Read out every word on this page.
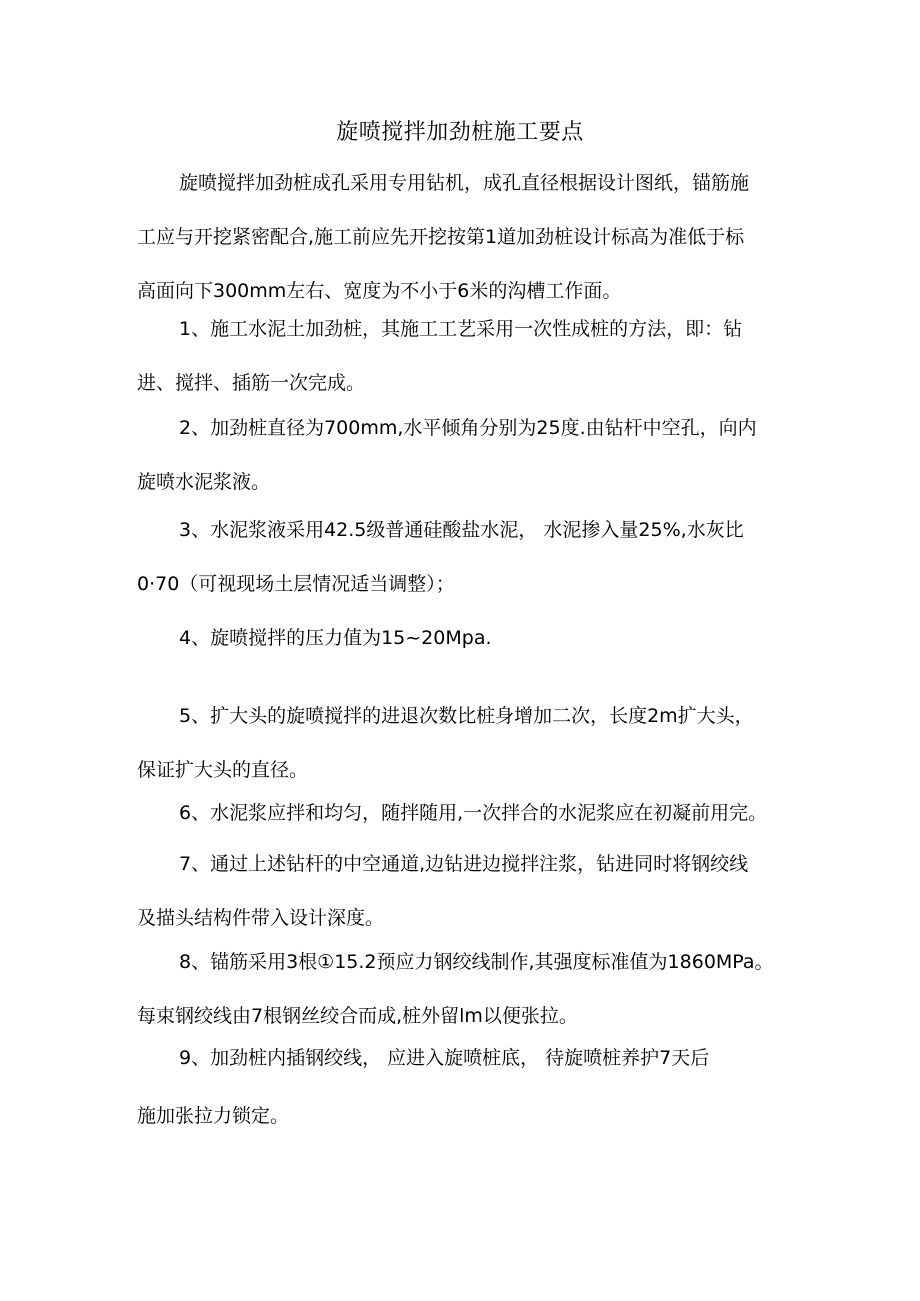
旋喷搅拌加劲桩施工要点
旋喷搅拌加劲桩成孔采用专用钻机，成孔直径根据设计图纸，锚筋施
工应与开挖紧密配合,施工前应先开挖按第1道加劲桩设计标高为准低于标
高面向下300mm左右、宽度为不小于6米的沟槽工作面。
1、施工水泥土加劲桩，其施工工艺采用一次性成桩的方法，即：钻
进、搅拌、插筋一次完成。
2、加劲桩直径为700mm,水平倾角分别为25度.由钻杆中空孔，向内
旋喷水泥浆液。
3、水泥浆液采用42.5级普通硅酸盐水泥， 水泥掺入量25%,水灰比
0·70（可视现场土层情况适当调整）；
4、旋喷搅拌的压力值为15~20Mpa.
5、扩大头的旋喷搅拌的进退次数比桩身增加二次，长度2m扩大头，
保证扩大头的直径。
6、水泥浆应拌和均匀，随拌随用,一次拌合的水泥浆应在初凝前用完。
7、通过上述钻杆的中空通道,边钻进边搅拌注浆，钻进同时将钢绞线
及描头结构件带入设计深度。
8、锚筋采用3根①15.2预应力钢绞线制作,其强度标准值为1860MPa。
每束钢绞线由7根钢丝绞合而成,桩外留lm以便张拉。
9、加劲桩内插钢绞线， 应进入旋喷桩底， 待旋喷桩养护7天后
施加张拉力锁定。
